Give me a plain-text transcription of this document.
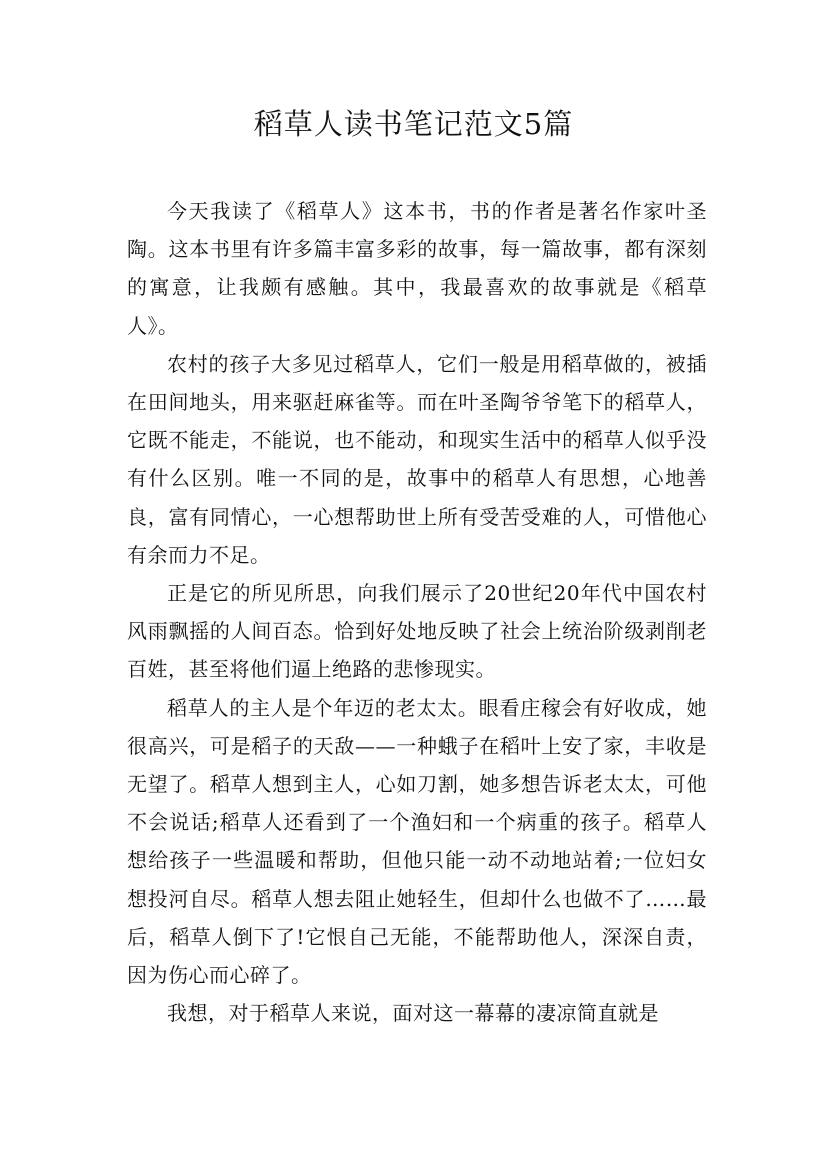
稻草人读书笔记范文5篇

今天我读了《稻草人》这本书，书的作者是著名作家叶圣陶。这本书里有许多篇丰富多彩的故事，每一篇故事，都有深刻的寓意，让我颇有感触。其中，我最喜欢的故事就是《稻草人》。

农村的孩子大多见过稻草人，它们一般是用稻草做的，被插在田间地头，用来驱赶麻雀等。而在叶圣陶爷爷笔下的稻草人，它既不能走，不能说，也不能动，和现实生活中的稻草人似乎没有什么区别。唯一不同的是，故事中的稻草人有思想，心地善良，富有同情心，一心想帮助世上所有受苦受难的人，可惜他心有余而力不足。

正是它的所见所思，向我们展示了20世纪20年代中国农村风雨飘摇的人间百态。恰到好处地反映了社会上统治阶级剥削老百姓，甚至将他们逼上绝路的悲惨现实。

稻草人的主人是个年迈的老太太。眼看庄稼会有好收成，她很高兴，可是稻子的天敌——一种蛾子在稻叶上安了家，丰收是无望了。稻草人想到主人，心如刀割，她多想告诉老太太，可他不会说话;稻草人还看到了一个渔妇和一个病重的孩子。稻草人想给孩子一些温暖和帮助，但他只能一动不动地站着;一位妇女想投河自尽。稻草人想去阻止她轻生，但却什么也做不了……最后，稻草人倒下了!它恨自己无能，不能帮助他人，深深自责，因为伤心而心碎了。

我想，对于稻草人来说，面对这一幕幕的凄凉简直就是
